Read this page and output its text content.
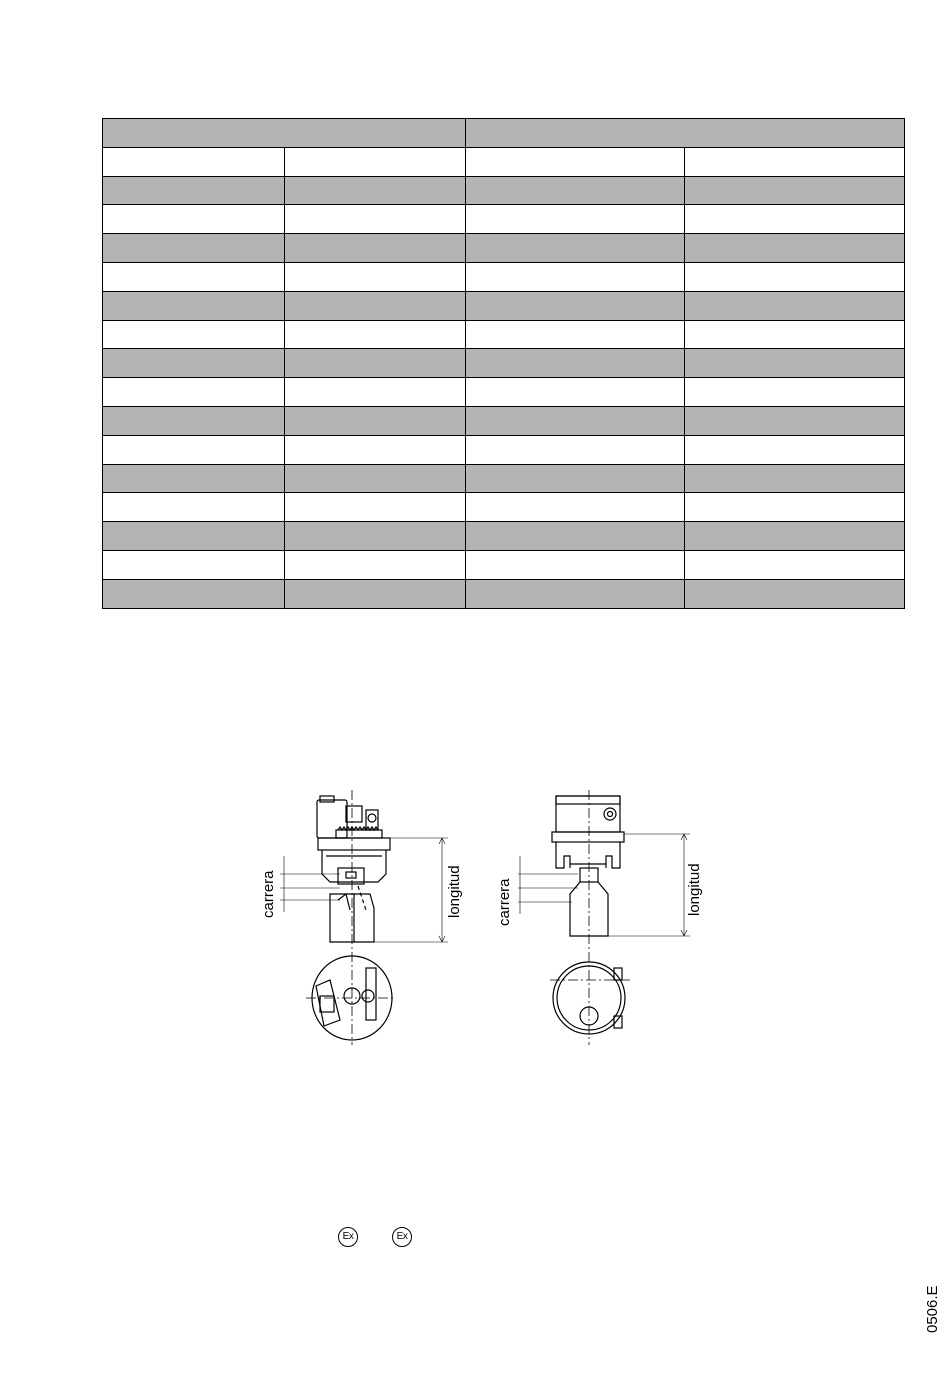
carrera	longitud carrera	longitud
Ex	Ex
0506.E
